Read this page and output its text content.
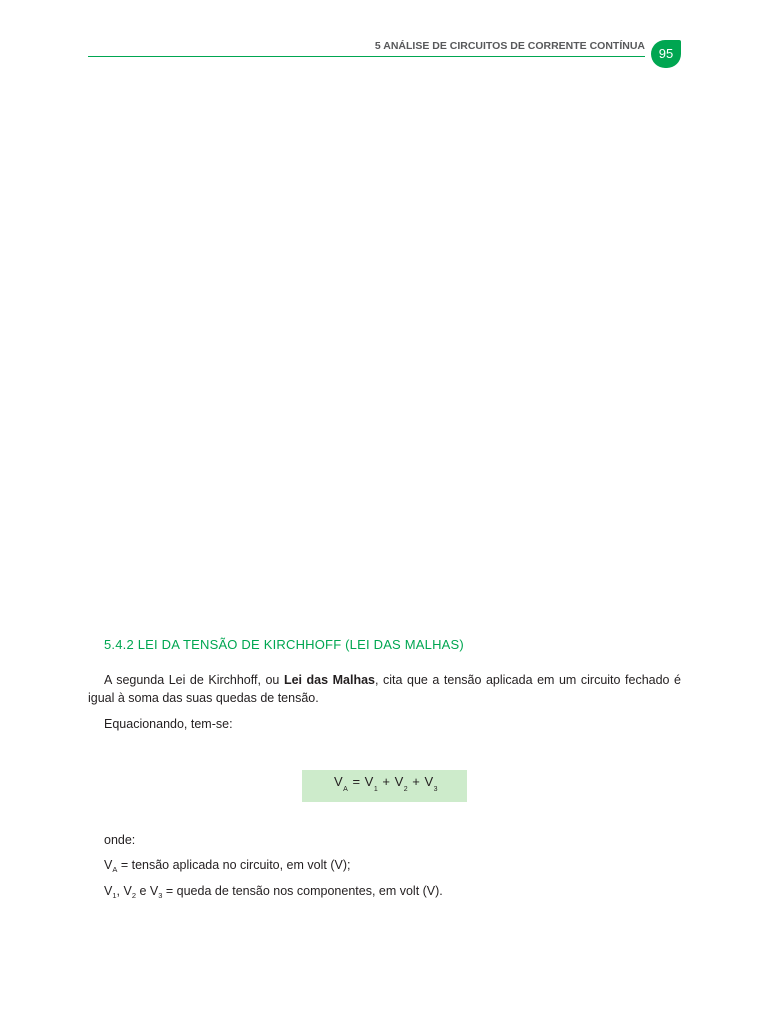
5 ANÁLISE DE CIRCUITOS DE CORRENTE CONTÍNUA	95
5.4.2 LEI DA TENSÃO DE KIRCHHOFF (LEI DAS MALHAS)
A segunda Lei de Kirchhoff, ou Lei das Malhas, cita que a tensão aplicada em um circuito fechado é igual à soma das suas quedas de tensão.
Equacionando, tem-se:
$V_A = V_1 + V_2 + V_3$
onde:
$V_A$ = tensão aplicada no circuito, em volt (V);
$V_1$, $V_2$ e $V_3$ = queda de tensão nos componentes, em volt (V).
